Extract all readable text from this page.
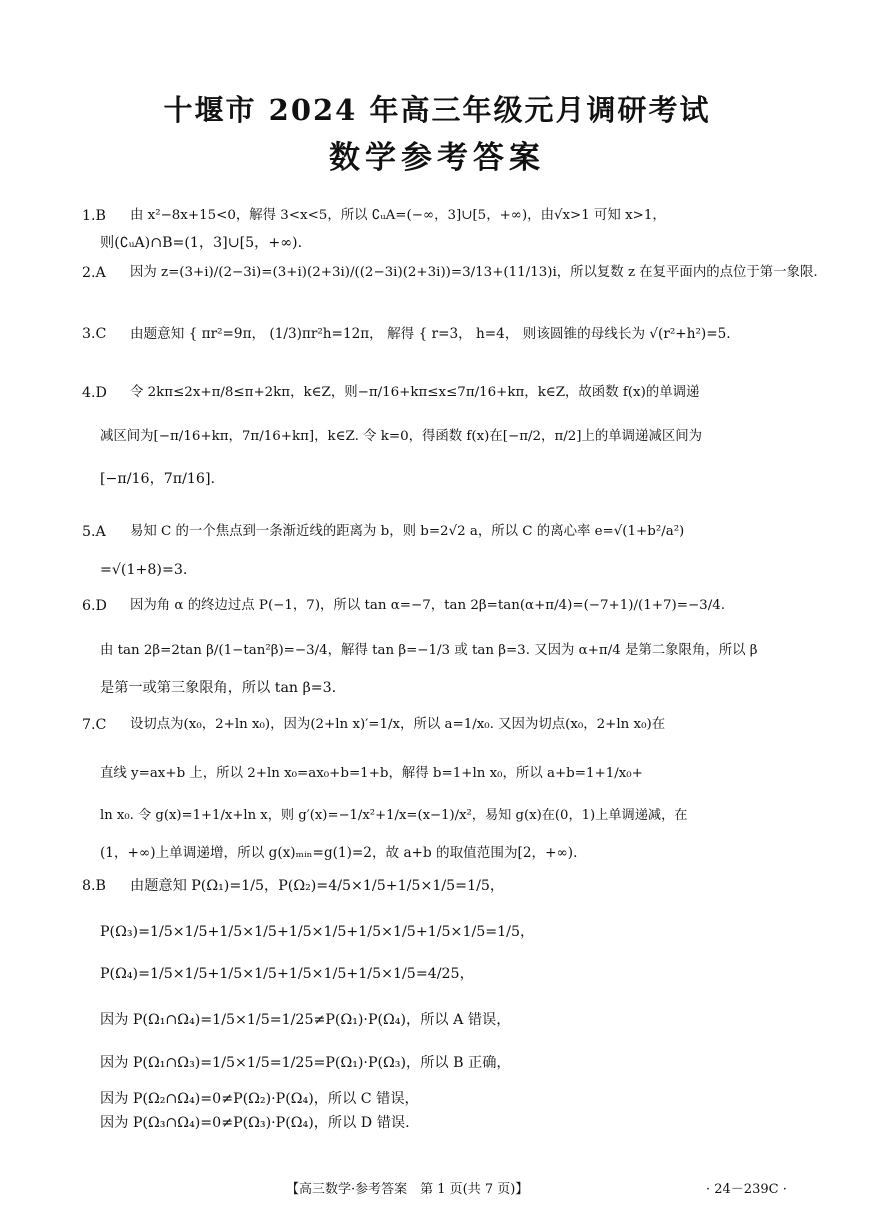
十堰市 2024 年高三年级元月调研考试
数学参考答案
1.B 由 x²−8x+15<0，解得 3<x<5，所以 ∁ᵤA=(−∞，3]∪[5，+∞)，由√x>1 可知 x>1，
则(∁ᵤA)∩B=(1，3]∪[5，+∞).
2.A 因为 z=(3+i)/(2−3i)=(3+i)(2+3i)/((2−3i)(2+3i))=3/13+(11/13)i，所以复数 z 在复平面内的点位于第一象限.
3.C 由题意知 { πr²=9π， (1/3)πr²h=12π， 解得 { r=3， h=4， 则该圆锥的母线长为 √(r²+h²)=5.
4.D 令 2kπ≤2x+π/8≤π+2kπ，k∈Z，则−π/16+kπ≤x≤7π/16+kπ，k∈Z，故函数 f(x)的单调递
减区间为[−π/16+kπ，7π/16+kπ]，k∈Z. 令 k=0，得函数 f(x)在[−π/2，π/2]上的单调递减区间为
[−π/16，7π/16].
5.A 易知 C 的一个焦点到一条渐近线的距离为 b，则 b=2√2 a，所以 C 的离心率 e=√(1+b²/a²)
=√(1+8)=3.
6.D 因为角 α 的终边过点 P(−1，7)，所以 tan α=−7，tan 2β=tan(α+π/4)=(−7+1)/(1+7)=−3/4.
由 tan 2β=2tan β/(1−tan²β)=−3/4，解得 tan β=−1/3 或 tan β=3. 又因为 α+π/4 是第二象限角，所以 β
是第一或第三象限角，所以 tan β=3.
7.C 设切点为(x₀，2+ln x₀)，因为(2+ln x)′=1/x，所以 a=1/x₀. 又因为切点(x₀，2+ln x₀)在
直线 y=ax+b 上，所以 2+ln x₀=ax₀+b=1+b，解得 b=1+ln x₀，所以 a+b=1+1/x₀+
ln x₀. 令 g(x)=1+1/x+ln x，则 g′(x)=−1/x²+1/x=(x−1)/x²，易知 g(x)在(0，1)上单调递减，在
(1，+∞)上单调递增，所以 g(x)ₘᵢₙ=g(1)=2，故 a+b 的取值范围为[2，+∞).
8.B 由题意知 P(Ω₁)=1/5，P(Ω₂)=4/5×1/5+1/5×1/5=1/5，
P(Ω₃)=1/5×1/5+1/5×1/5+1/5×1/5+1/5×1/5+1/5×1/5=1/5，
P(Ω₄)=1/5×1/5+1/5×1/5+1/5×1/5+1/5×1/5=4/25，
因为 P(Ω₁∩Ω₄)=1/5×1/5=1/25≠P(Ω₁)·P(Ω₄)，所以 A 错误，
因为 P(Ω₁∩Ω₃)=1/5×1/5=1/25=P(Ω₁)·P(Ω₃)，所以 B 正确，
因为 P(Ω₂∩Ω₄)=0≠P(Ω₂)·P(Ω₄)，所以 C 错误，
因为 P(Ω₃∩Ω₄)=0≠P(Ω₃)·P(Ω₄)，所以 D 错误.
【高三数学·参考答案　第 1 页(共 7 页)】	· 24－239C ·
